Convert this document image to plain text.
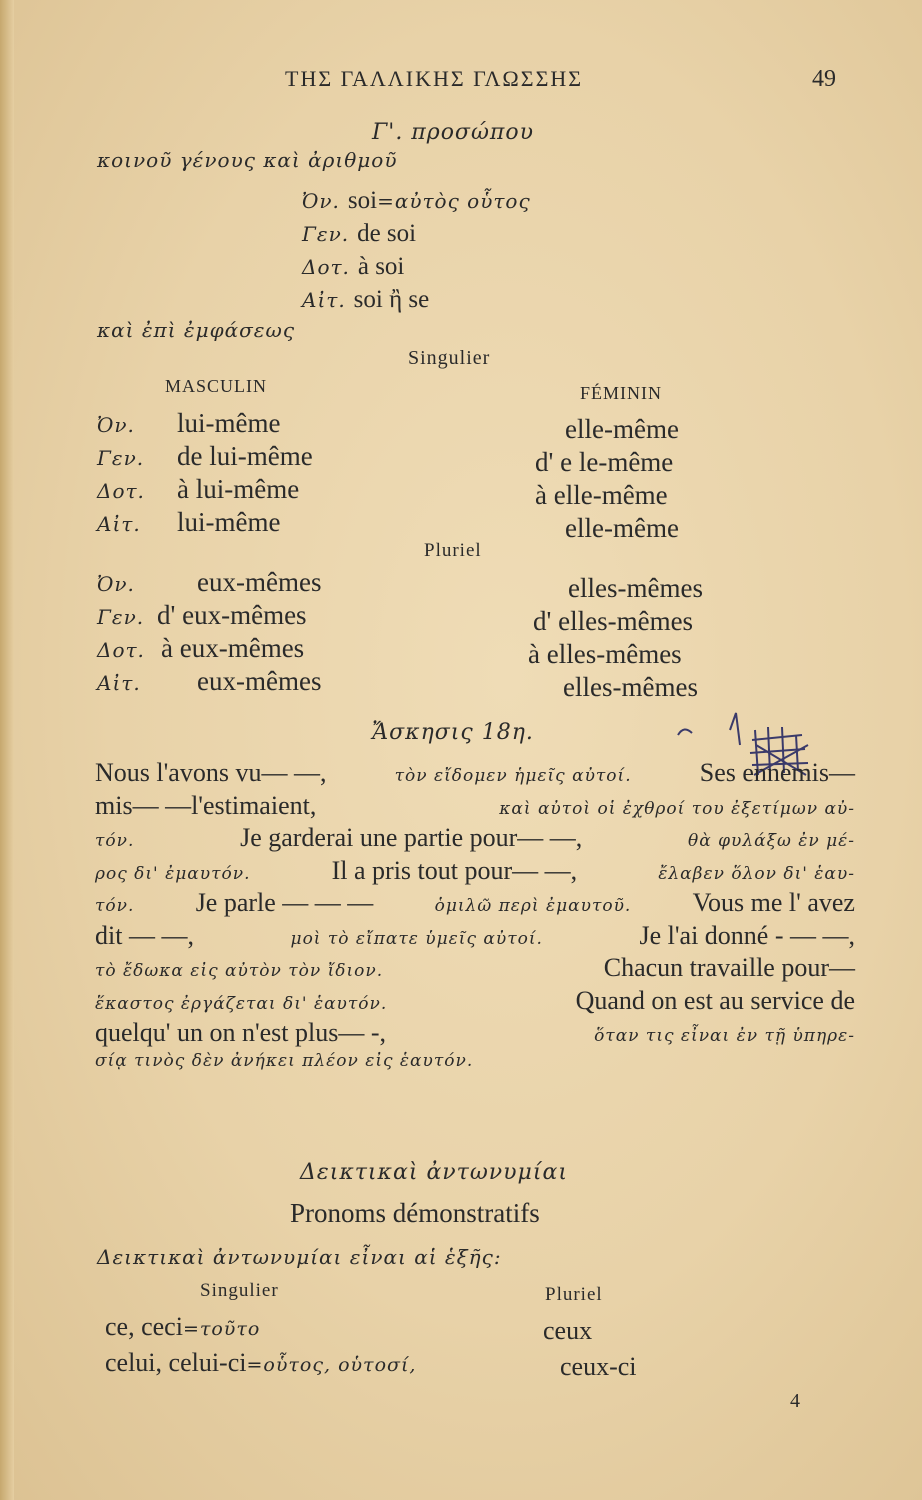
ΤΗΣ ΓΑΛΛΙΚΗΣ ΓΛΩΣΣΗΣ	49
Γ'. προσώπου
κοινοῦ γένους καὶ ἀριθμοῦ
Ὀν. soi=αὐτὸς οὗτος
Γεν. de soi
Δοτ. à soi
Αἰτ. soi ἢ se
καὶ ἐπὶ ἐμφάσεως
Singulier
MASCULIN	FÉMININ
Ὀν. lui-même	elle-même
Γεν. de lui-même	d' e le-même
Δοτ. à lui-même	à elle-même
Αἰτ. lui-même	elle-même
Pluriel
Ὀν. eux-mêmes	elles-mêmes
Γεν. d' eux-mêmes	d' elles-mêmes
Δοτ. à eux-mêmes	à elles-mêmes
Αἰτ. eux-mêmes	elles-mêmes
Ἄσκησις 18η.
Nous l'avons vu— —,	τὸν εἴδομεν ἡμεῖς αὐτοί.	Ses ennemis—
mis— —l'estimaient,	καὶ αὐτοὶ οἱ ἐχθροί του ἐξετίμων αὐ-
τόν.	Je garderai une partie pour— —,	θὰ φυλάξω ἐν μέ-
ρος δι' ἐμαυτόν.	Il a pris tout pour— —,	ἔλαβεν ὅλον δι' ἑαυ-
τόν. Je parle — — —	ὁμιλῶ περὶ ἐμαυτοῦ. Vous me l' avez
dit — —,	μοὶ τὸ εἴπατε ὑμεῖς αὐτοί.	Je l'ai donné - — —,
τὸ ἔδωκα εἰς αὐτὸν τὸν ἴδιον.	Chacun travaille pour—
ἕκαστος ἐργάζεται δι' ἑαυτόν.	Quand on est au service de
quelqu' un on n'est plus— -,	ὅταν τις εἶναι ἐν τῇ ὑπηρε-
σίᾳ τινὸς δὲν ἀνήκει πλέον εἰς ἑαυτόν.
Δεικτικαὶ ἀντωνυμίαι
Pronoms démonstratifs
Δεικτικαὶ ἀντωνυμίαι εἶναι αἱ ἑξῆς:
Singulier	Pluriel
ce, ceci=τοῦτο	ceux
celui, celui-ci=οὗτος, οὑτοσί,	ceux-ci
4
